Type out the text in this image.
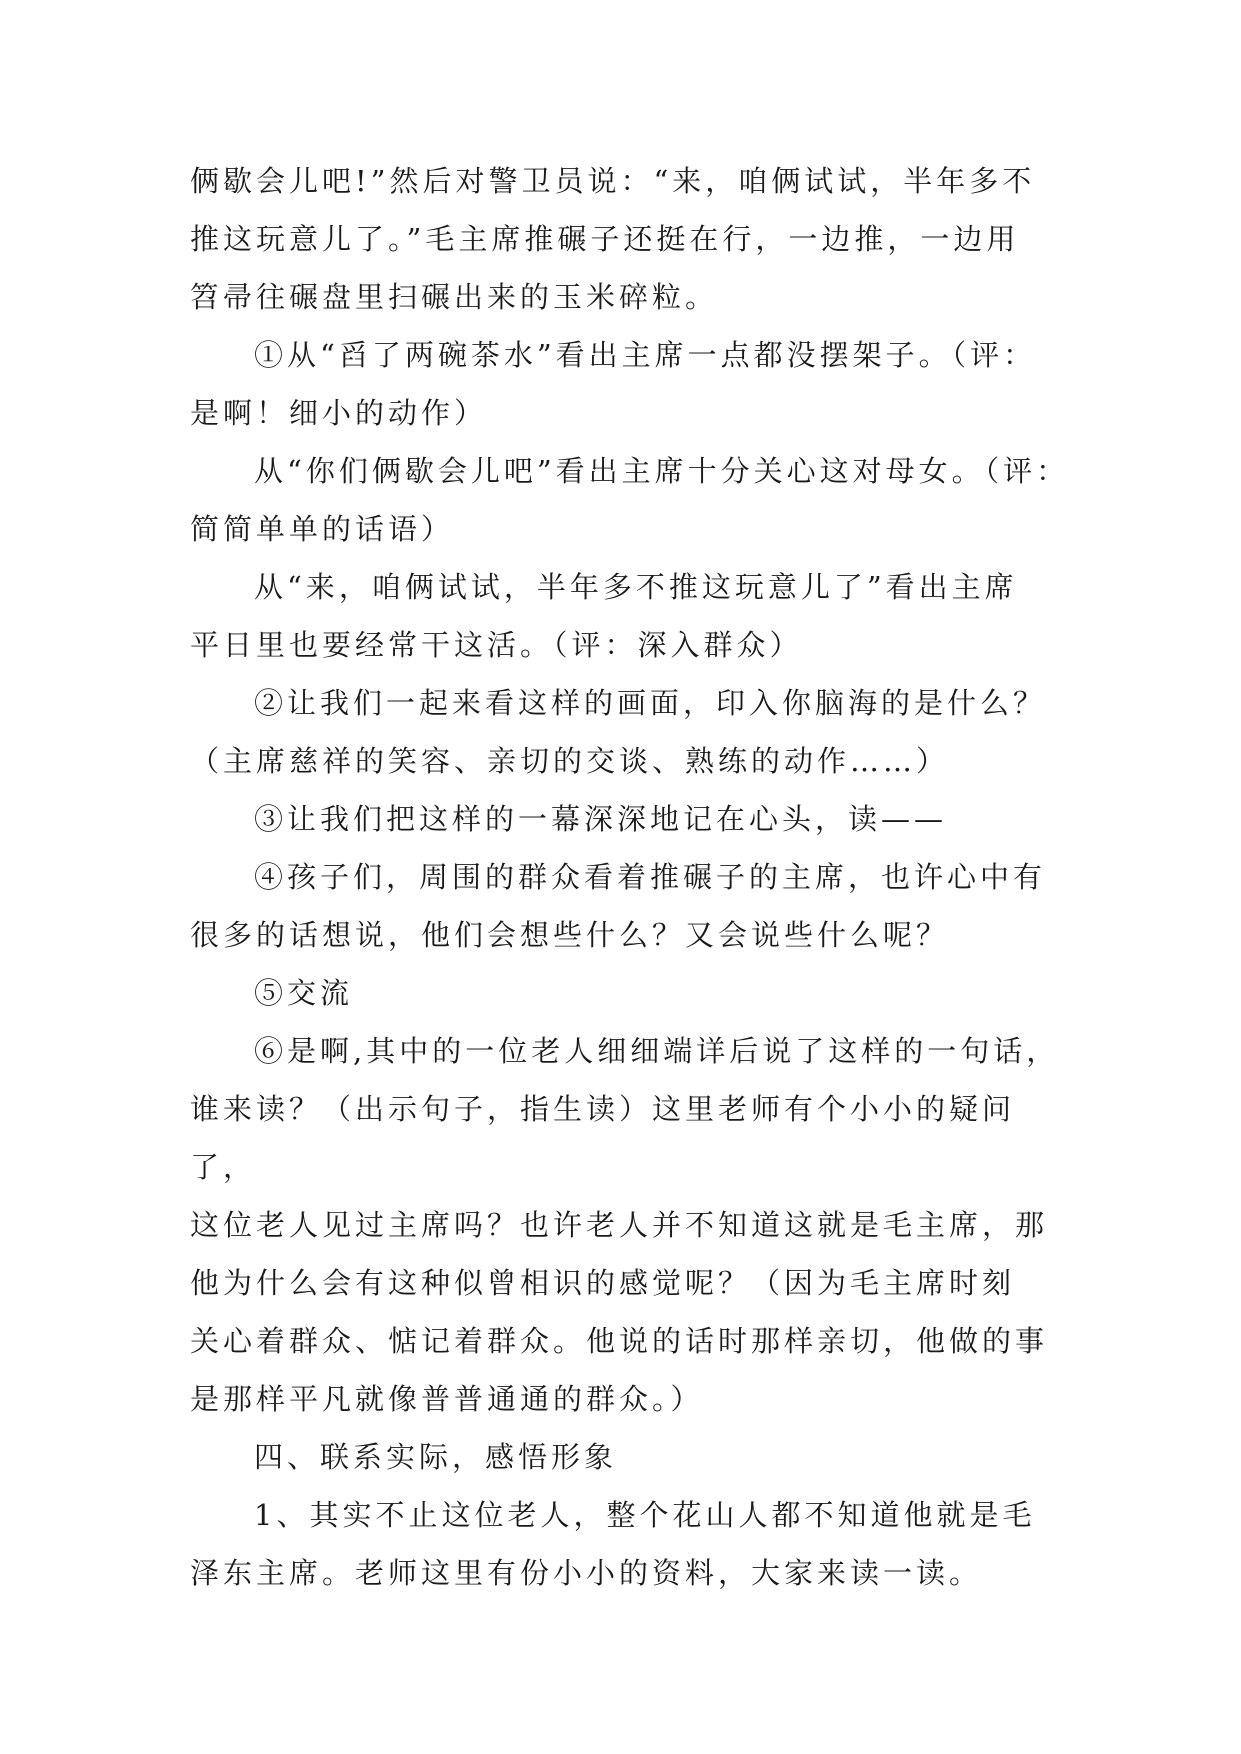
俩歇会儿吧!”然后对警卫员说：“来，咱俩试试，半年多不

推这玩意儿了。”毛主席推碾子还挺在行，一边推，一边用

笤帚往碾盘里扫碾出来的玉米碎粒。

①从“舀了两碗茶水”看出主席一点都没摆架子。（评：

是啊！细小的动作）

从“你们俩歇会儿吧”看出主席十分关心这对母女。（评：

简简单单的话语）

从“来，咱俩试试，半年多不推这玩意儿了”看出主席

平日里也要经常干这活。（评：深入群众）

②让我们一起来看这样的画面，印入你脑海的是什么？

（主席慈祥的笑容、亲切的交谈、熟练的动作……）

③让我们把这样的一幕深深地记在心头，读——

④孩子们，周围的群众看着推碾子的主席，也许心中有

很多的话想说，他们会想些什么？又会说些什么呢？

⑤交流

⑥是啊,其中的一位老人细细端详后说了这样的一句话，

谁来读？（出示句子，指生读）这里老师有个小小的疑问了，

这位老人见过主席吗？也许老人并不知道这就是毛主席，那

他为什么会有这种似曾相识的感觉呢？（因为毛主席时刻

关心着群众、惦记着群众。他说的话时那样亲切，他做的事

是那样平凡就像普普通通的群众。）

四、联系实际，感悟形象

1、其实不止这位老人，整个花山人都不知道他就是毛

泽东主席。老师这里有份小小的资料，大家来读一读。
